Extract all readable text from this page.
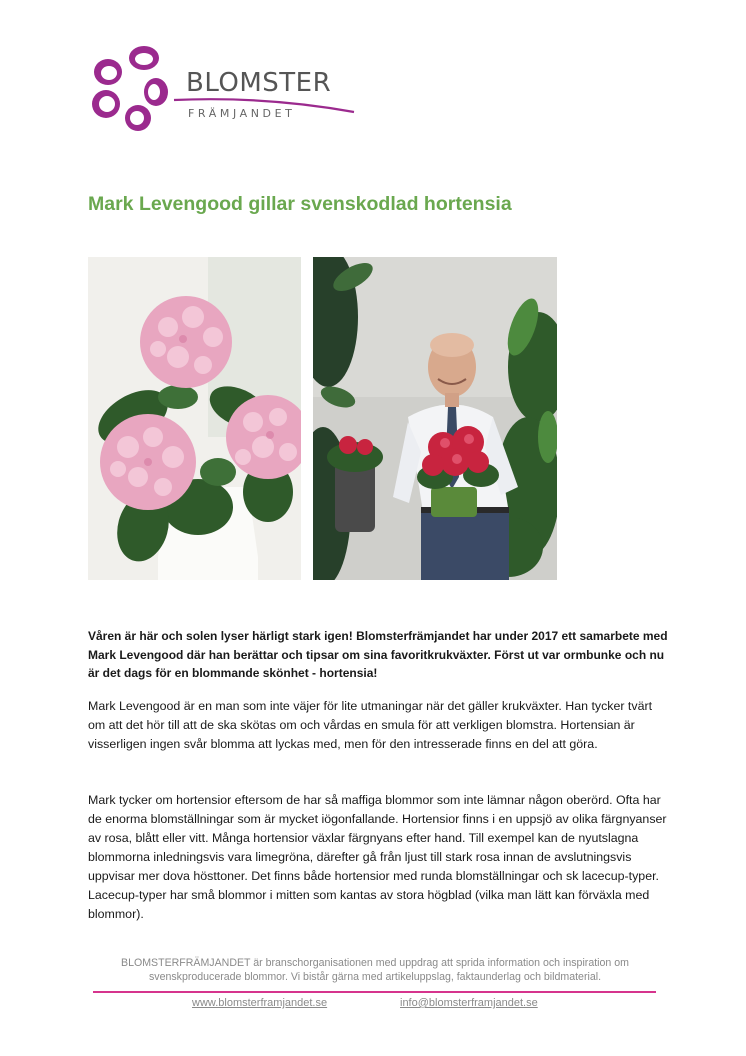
BLOMSTER
FRÄMJANDET
Mark Levengood gillar svenskodlad hortensia

Våren är här och solen lyser härligt stark igen! Blomsterfrämjandet har under 2017 ett samarbete med Mark Levengood där han berättar och tipsar om sina favoritkrukväxter. Först ut var ormbunke och nu är det dags för en blommande skönhet - hortensia!

Mark Levengood är en man som inte väjer för lite utmaningar när det gäller krukväxter. Han tycker tvärt om att det hör till att de ska skötas om och vårdas en smula för att verkligen blomstra. Hortensian är visserligen ingen svår blomma att lyckas med, men för den intresserade finns en del att göra.

Mark tycker om hortensior eftersom de har så maffiga blommor som inte lämnar någon oberörd. Ofta har de enorma blomställningar som är mycket iögonfallande. Hortensior finns i en uppsjö av olika färgnyanser av rosa, blått eller vitt. Många hortensior växlar färgnyans efter hand. Till exempel kan de nyutslagna blommorna inledningsvis vara limegröna, därefter gå från ljust till stark rosa innan de avslutningsvis uppvisar mer dova hösttoner. Det finns både hortensior med runda blomställningar och sk lacecup-typer. Lacecup-typer har små blommor i mitten som kantas av stora högblad (vilka man lätt kan förväxla med blommor).

BLOMSTERFRÄMJANDET är branschorganisationen med uppdrag att sprida information och inspiration om svenskproducerade blommor. Vi bistår gärna med artikeluppslag, faktaunderlag och bildmaterial.
www.blomsterframjandet.se	info@blomsterframjandet.se
